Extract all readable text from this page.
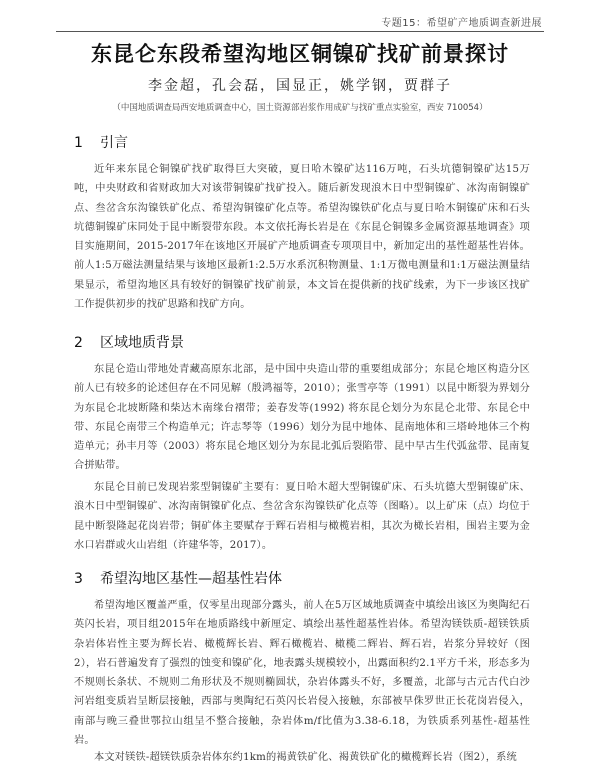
专题15：希望矿产地质调查新进展
东昆仑东段希望沟地区铜镍矿找矿前景探讨
李金超，孔会磊，国显正，姚学钢，贾群子
（中国地质调查局西安地质调查中心，国土资源部岩浆作用成矿与找矿重点实验室，西安 710054）
1 引言
近年来东昆仑铜镍矿找矿取得巨大突破，夏日哈木镍矿达116万吨，石头坑德铜镍矿达15万吨，中央财政和省财政加大对该带铜镍矿找矿投入。随后新发现浪木日中型铜镍矿、冰沟南铜镍矿点、叁岔含东沟镍铁矿化点、希望沟铜镍矿化点等。希望沟镍铁矿化点与夏日哈木铜镍矿床和石头坑德铜镍矿床同处于昆中断裂带东段。本文依托海长岩是在《东昆仑铜镍多金属资源基地调查》项目实施期间，2015-2017年在该地区开展矿产地质调查专项项目中，新加定出的基性超基性岩体。前人1:5万磁法测量结果与该地区最新1:2.5万水系沉积物测量、1:1万微电测量和1:1万磁法测量结果显示，希望沟地区具有较好的铜镍矿找矿前景，本文旨在提供新的找矿线索，为下一步该区找矿工作提供初步的找矿思路和找矿方向。
2 区域地质背景
东昆仑造山带地处青藏高原东北部，是中国中央造山带的重要组成部分；东昆仑地区构造分区前人已有较多的论述但存在不同见解（殷鸿福等，2010）；张雪亭等（1991）以昆中断裂为界划分为东昆仑北坡断隆和柴达木南缘台褶带；姜春发等(1992) 将东昆仑划分为东昆仑北带、东昆仑中带、东昆仑南带三个构造单元；许志琴等（1996）划分为昆中地体、昆南地体和三塔岭地体三个构造单元；孙丰月等（2003）将东昆仑地区划分为东昆北弧后裂陷带、昆中早古生代弧盆带、昆南复合拼贴带。
东昆仑目前已发现岩浆型铜镍矿主要有：夏日哈木超大型铜镍矿床、石头坑德大型铜镍矿床、浪木日中型铜镍矿、冰沟南铜镍矿化点、叁岔含东沟镍铁矿化点等（图略）。以上矿床（点）均位于昆中断裂隆起花岗岩带；铜矿体主要赋存于辉石岩相与橄榄岩相，其次为橄长岩相，围岩主要为金水口岩群或火山岩组（许建华等，2017）。
3 希望沟地区基性—超基性岩体
希望沟地区覆盖严重，仅零星出现部分露头，前人在5万区域地质调查中填绘出该区为奥陶纪石英闪长岩，项目组2015年在地质路线中新厘定、填绘出基性超基性岩体。希望沟镁铁质-超镁铁质杂岩体岩性主要为辉长岩、橄榄辉长岩、辉石橄榄岩、橄榄二辉岩、辉石岩，岩浆分异较好（图2），岩石普遍发育了强烈的蚀变和镍矿化，地表露头规模较小，出露面积约2.1平方千米，形态多为不规则长条状、不规则二角形状及不规则椭圆状，杂岩体露头不好，多覆盖，北部与古元古代白沙河岩组变质岩呈断层接触，西部与奥陶纪石英闪长岩侵入接触，东部被早侏罗世正长花岗岩侵入，南部与晚三叠世鄂拉山组呈不整合接触，杂岩体m/f比值为3.38-6.18，为铁质系列基性-超基性岩。
本文对镁铁-超镁铁质杂岩体东约1km的褐黄铁矿化、褐黄铁矿化的橄榄辉长岩（图2），系统
